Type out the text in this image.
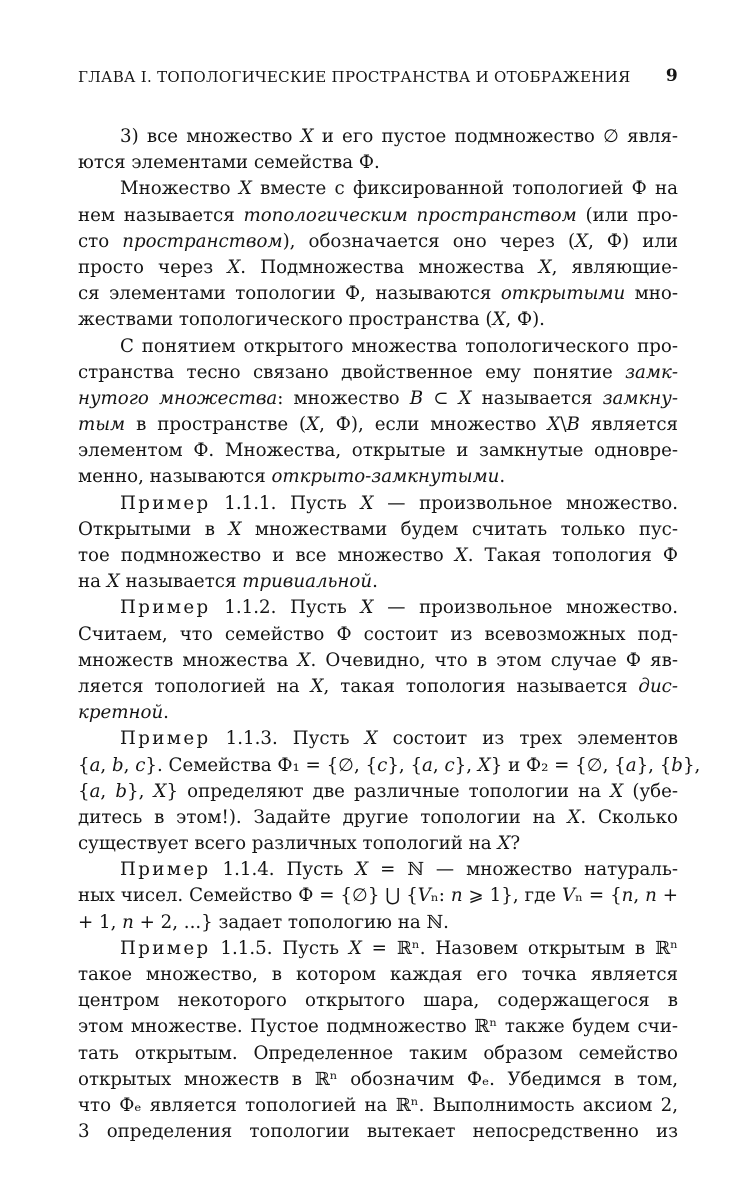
ГЛАВА I. ТОПОЛОГИЧЕСКИЕ ПРОСТРАНСТВА И ОТОБРАЖЕНИЯ 9
3) все множество X и его пустое подмножество ∅ явля-
ются элементами семейства Ф.
Множество X вместе с фиксированной топологией Ф на
нем называется топологическим пространством (или про-
сто пространством), обозначается оно через (X, Ф) или
просто через X. Подмножества множества X, являющие-
ся элементами топологии Ф, называются открытыми мно-
жествами топологического пространства (X, Ф).
С понятием открытого множества топологического про-
странства тесно связано двойственное ему понятие замк-
нутого множества: множество B ⊂ X называется замкну-
тым в пространстве (X, Ф), если множество X\B является
элементом Ф. Множества, открытые и замкнутые одновре-
менно, называются открыто-замкнутыми.
Пример 1.1.1. Пусть X — произвольное множество.
Открытыми в X множествами будем считать только пус-
тое подмножество и все множество X. Такая топология Ф
на X называется тривиальной.
Пример 1.1.2. Пусть X — произвольное множество.
Считаем, что семейство Ф состоит из всевозможных под-
множеств множества X. Очевидно, что в этом случае Ф яв-
ляется топологией на X, такая топология называется дис-
кретной.
Пример 1.1.3. Пусть X состоит из трех элементов
{a, b, c}. Семейства Ф₁ = {∅, {c}, {a, c}, X} и Ф₂ = {∅, {a}, {b},
{a, b}, X} определяют две различные топологии на X (убе-
дитесь в этом!). Задайте другие топологии на X. Сколько
существует всего различных топологий на X?
Пример 1.1.4. Пусть X = ℕ — множество натураль-
ных чисел. Семейство Ф = {∅} ⋃ {Vₙ: n ⩾ 1}, где Vₙ = {n, n +
+ 1, n + 2, ...} задает топологию на ℕ.
Пример 1.1.5. Пусть X = ℝⁿ. Назовем открытым в ℝⁿ
такое множество, в котором каждая его точка является
центром некоторого открытого шара, содержащегося в
этом множестве. Пустое подмножество ℝⁿ также будем счи-
тать открытым. Определенное таким образом семейство
открытых множеств в ℝⁿ обозначим Фₑ. Убедимся в том,
что Фₑ является топологией на ℝⁿ. Выполнимость аксиом 2,
3 определения топологии вытекает непосредственно из
